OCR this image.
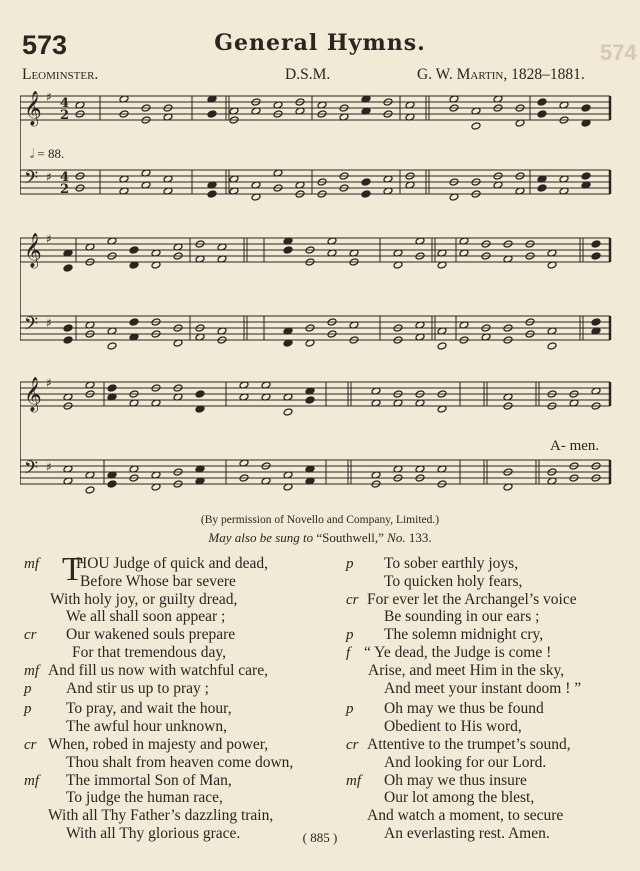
573	General Hymns.	574
Leominster.	D.S.M.	G. W. Martin, 1828–1881.
𝄞
𝄢
♯
♯
4
2
4
2
𝄞
𝄢
♯
♯
𝄞
𝄢
♯
♯
𝅗𝅥 = 88.
A- men.
(By permission of Novello and Company, Limited.)
May also be sung to “Southwell,” No. 133.
T
HOU Judge of quick and dead,
mf
Before Whose bar severe
With holy joy, or guilty dread,
We all shall soon appear ;
Our wakened souls prepare
cr
For that tremendous day,
And fill us now with watchful care,
mf
And stir us up to pray ;
p
To pray, and wait the hour,
p
The awful hour unknown,
When, robed in majesty and power,
cr
Thou shalt from heaven come down,
The immortal Son of Man,
mf
To judge the human race,
With all Thy Father’s dazzling train,
With all Thy glorious grace.
To sober earthly joys,
p
To quicken holy fears,
For ever let the Archangel’s voice
cr
Be sounding in our ears ;
The solemn midnight cry,
p
“ Ye dead, the Judge is come !
f
Arise, and meet Him in the sky,
And meet your instant doom ! ”
Oh may we thus be found
p
Obedient to His word,
Attentive to the trumpet’s sound,
cr
And looking for our Lord.
Oh may we thus insure
mf
Our lot among the blest,
And watch a moment, to secure
An everlasting rest. Amen.
( 885 )
